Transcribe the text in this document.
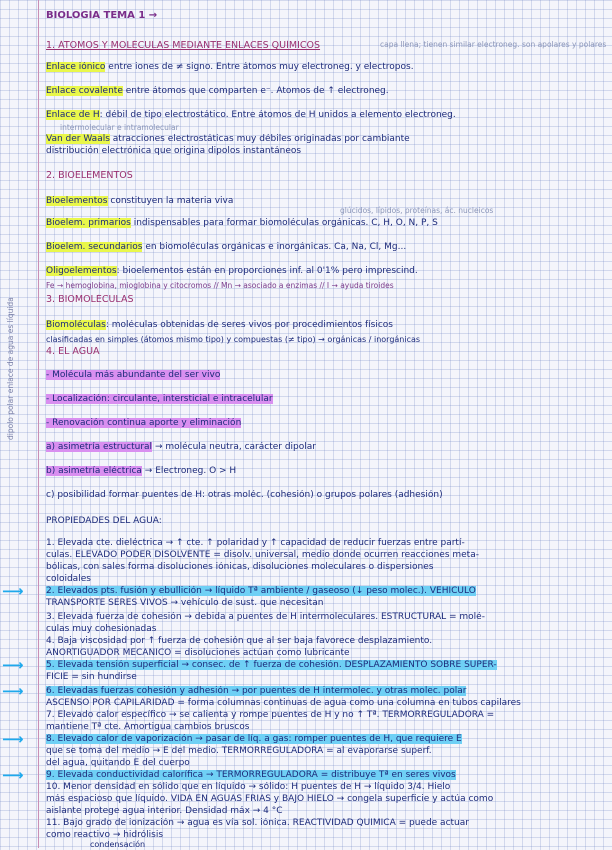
BIOLOGÍA TEMA 1 →
1. ÁTOMOS Y MOLÉCULAS MEDIANTE ENLACES QUÍMICOS	capa llena; tienen similar electroneg. son apolares y polares
Enlace iónico entre iones de ≠ signo. Entre átomos muy electroneg. y electropos.
Enlace covalente entre átomos que comparten e⁻. Átomos de ↑ electroneg.
Enlace de H: débil de tipo electrostático. Entre átomos de H unidos a elemento electroneg.
intermolecular e intramolecular
Van der Waals atracciones electrostáticas muy débiles originadas por cambiante
distribución electrónica que origina dipolos instantáneos
2. BIOELEMENTOS
Bioelementos constituyen la materia viva
glúcidos, lípidos, proteínas, ác. nucleicos
Bioelem. primarios indispensables para formar biomoléculas orgánicas. C, H, O, N, P, S
Bioelem. secundarios en biomoléculas orgánicas e inorgánicas. Ca, Na, Cl, Mg...
Oligoelementos: bioelementos están en proporciones inf. al 0'1% pero imprescind.
Fe → hemoglobina, mioglobina y citocromos // Mn → asociado a enzimas // I → ayuda tiroides
3. BIOMOLÉCULAS
Biomoléculas: moléculas obtenidas de seres vivos por procedimientos físicos
clasificadas en simples (átomos mismo tipo) y compuestas (≠ tipo) → orgánicas / inorgánicas
4. EL AGUA
- Molécula más abundante del ser vivo
- Localización: circulante, intersticial e intracelular
- Renovación continua aporte y eliminación
a) asimetría estructural → molécula neutra, carácter dipolar
b) asimetría eléctrica → Electroneg. O > H
c) posibilidad formar puentes de H: otras moléc. (cohesión) o grupos polares (adhesión)
dipolo polar enlace de agua es líquida
PROPIEDADES DEL AGUA:
1. Elevada cte. dieléctrica → ↑ cte. ↑ polaridad y ↑ capacidad de reducir fuerzas entre partí-
culas. ELEVADO PODER DISOLVENTE = disolv. universal, medio donde ocurren reacciones meta-
bólicas, con sales forma disoluciones iónicas, disoluciones moleculares o dispersiones
coloidales
⟶ 2. Elevados pts. fusión y ebullición → líquido Tª ambiente / gaseoso (↓ peso molec.). VEHÍCULO
TRANSPORTE SERES VIVOS → vehículo de sust. que necesitan
3. Elevada fuerza de cohesión → debida a puentes de H intermoleculares. ESTRUCTURAL = molé-
culas muy cohesionadas
4. Baja viscosidad por ↑ fuerza de cohesión que al ser baja favorece desplazamiento.
ANORTIGUADOR MECÁNICO = disoluciones actúan como lubricante
⟶ 5. Elevada tensión superficial → consec. de ↑ fuerza de cohesión. DESPLAZAMIENTO SOBRE SUPER-
FICIE = sin hundirse
⟶ 6. Elevadas fuerzas cohesión y adhesión → por puentes de H intermolec. y otras molec. polar
ASCENSO POR CAPILARIDAD = forma columnas continuas de agua como una columna en tubos capilares
7. Elevado calor específico → se calienta y rompe puentes de H y no ↑ Tª. TERMORREGULADORA =
mantiene Tª cte. Amortigua cambios bruscos
⟶ 8. Elevado calor de vaporización → pasar de líq. a gas: romper puentes de H, que requiere E
que se toma del medio → E del medio. TERMORREGULADORA = al evaporarse superf.
del agua, quitando E del cuerpo
⟶ 9. Elevada conductividad calorífica → TERMORREGULADORA = distribuye Tª en seres vivos
10. Menor densidad en sólido que en líquido → sólido: H puentes de H → líquido 3/4. Hielo
más espacioso que líquido. VIDA EN AGUAS FRÍAS y BAJO HIELO → congela superficie y actúa como
aislante protege agua interior. Densidad máx → 4 °C
11. Bajo grado de ionización → agua es vía sol. iónica. REACTIVIDAD QUÍMICA = puede actuar
como reactivo → hidrólisis
condensación
